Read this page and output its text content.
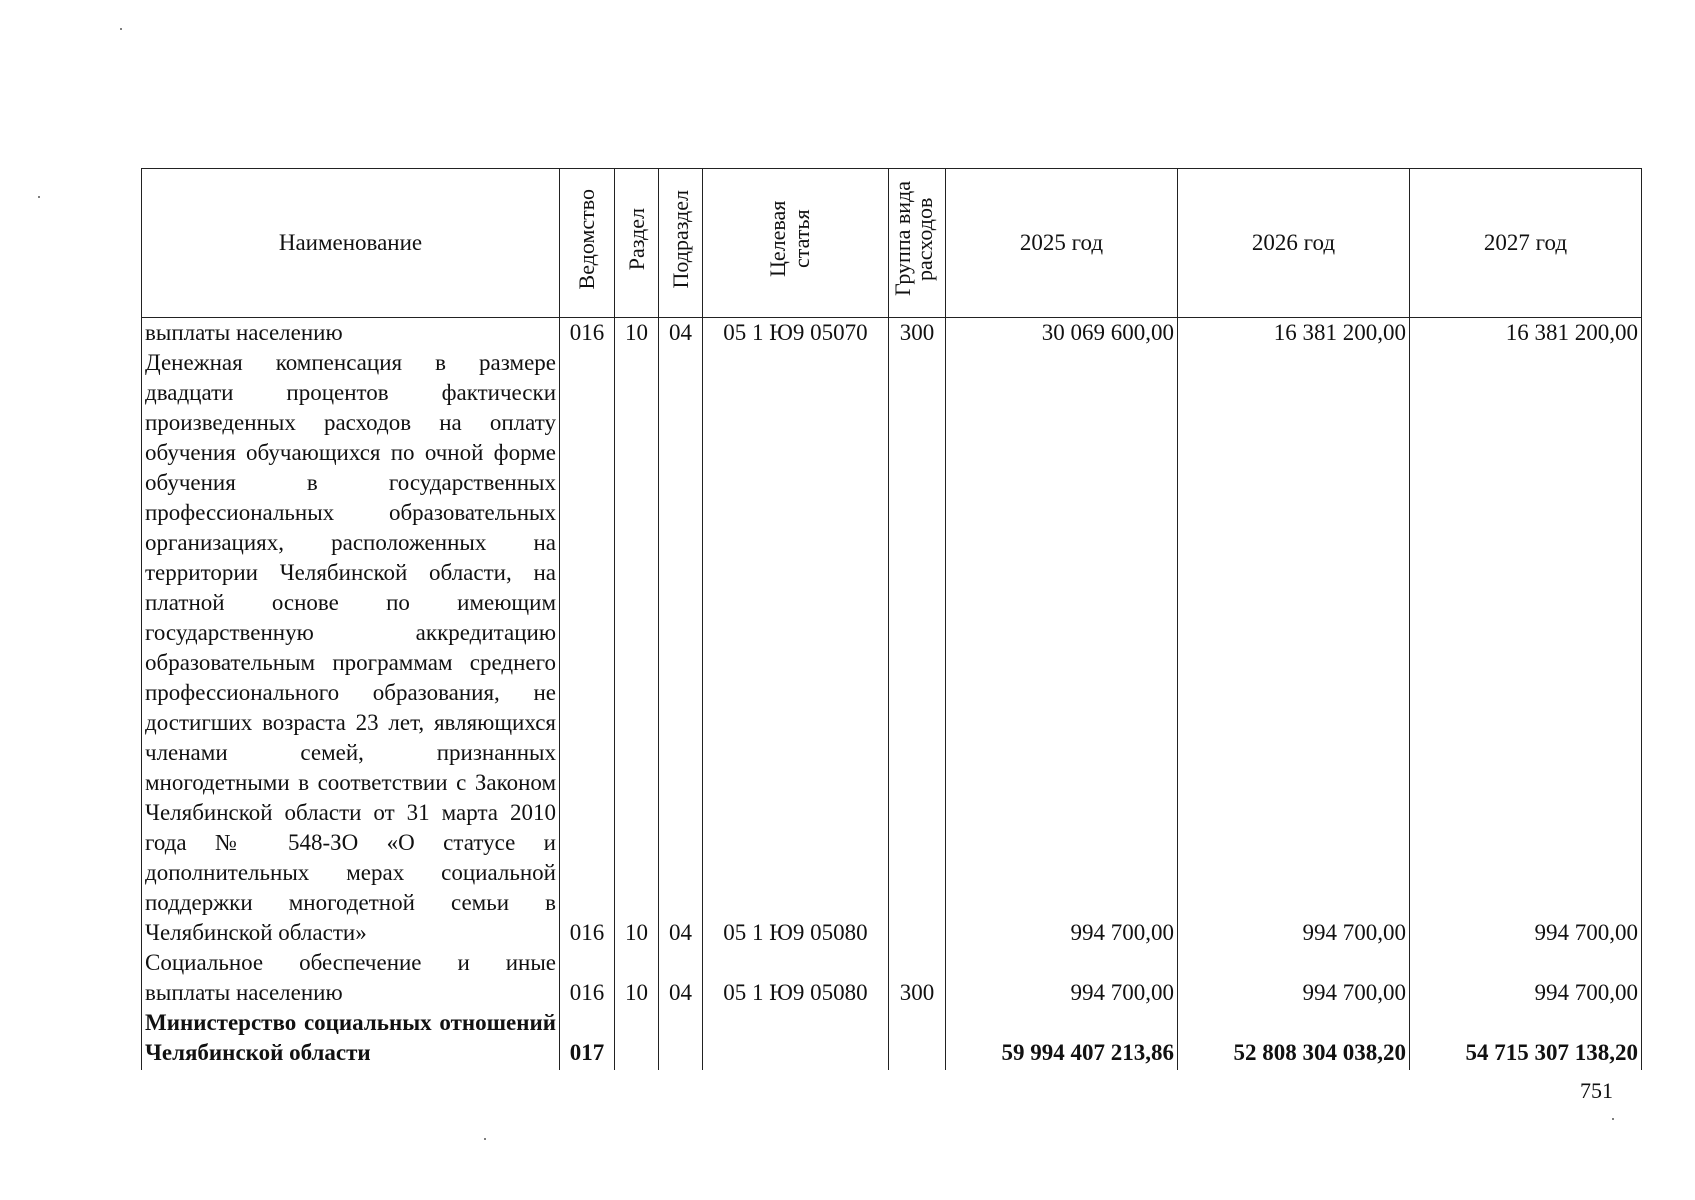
Наименование	Ведомство	Раздел	Подраздел	Целевая статья	Группа вида расходов	2025 год	2026 год	2027 год
выплаты населению	016	10	04	05 1 Ю9 05070	300	30 069 600,00	16 381 200,00	16 381 200,00
Денежная компенсация в размере двадцати процентов фактически произведенных расходов на оплату обучения обучающихся по очной форме обучения в государственных профессиональных образовательных организациях, расположенных на территории Челябинской области, на платной основе по имеющим государственную аккредитацию образовательным программам среднего профессионального образования, не достигших возраста 23 лет, являющихся членами семей, признанных многодетными в соответствии с Законом Челябинской области от 31 марта 2010 года № 548-ЗО «О статусе и дополнительных мерах социальной поддержки многодетной семьи в Челябинской области»	016	10	04	05 1 Ю9 05080		994 700,00	994 700,00	994 700,00
Социальное обеспечение и иные выплаты населению	016	10	04	05 1 Ю9 05080	300	994 700,00	994 700,00	994 700,00
Министерство социальных отношений Челябинской области	017					59 994 407 213,86	52 808 304 038,20	54 715 307 138,20
751
